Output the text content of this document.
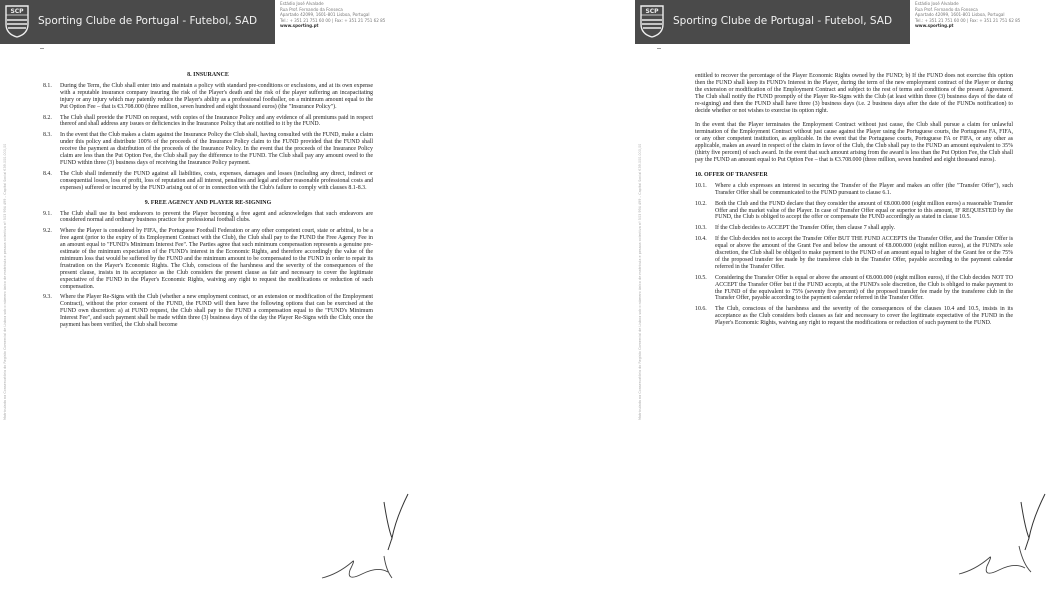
SCP
Sporting Clube de Portugal - Futebol, SAD
Estádio José Alvalade
Rua Prof. Fernando da Fonseca
Apartado 42099, 1601-801 Lisboa, Portugal
Tel.: + 351 21 751 60 00 | Fax: + 351 21 751 62 85
www.sporting.pt
Matriculada na Conservatória do Registo Comercial de Lisboa sob o número único de matrícula e pessoa colectiva nº 503 994 499 – Capital Social €39.000.000,00
8. INSURANCE
8.1.	During the Term, the Club shall enter into and maintain a policy with standard pre-conditions or exclusions, and at its own expense with a reputable insurance company insuring the risk of the Player's death and the risk of the player suffering an incapacitating injury or any injury which may patently reduce the Player's ability as a professional footballer, on a minimum amount equal to the Put Option Fee – that is €3.708.000 (three million, seven hundred and eight thousand euros) (the "Insurance Policy").
8.2.	The Club shall provide the FUND on request, with copies of the Insurance Policy and any evidence of all premiums paid in respect thereof and shall address any issues or deficiencies in the Insurance Policy that are notified to it by the FUND.
8.3.	In the event that the Club makes a claim against the Insurance Policy the Club shall, having consulted with the FUND, make a claim under this policy and distribute 100% of the proceeds of the Insurance Policy claim to the FUND provided that the FUND shall receive the payment as distribution of the proceeds of the Insurance Policy. In the event that the proceeds of the Insurance Policy claim are less than the Put Option Fee, the Club shall pay the difference to the FUND. The Club shall pay any amount owed to the FUND within three (3) business days of receiving the Insurance Policy payment.
8.4.	The Club shall indemnify the FUND against all liabilities, costs, expenses, damages and losses (including any direct, indirect or consequential losses, loss of profit, loss of reputation and all interest, penalties and legal and other reasonable professional costs and expenses) suffered or incurred by the FUND arising out of or in connection with the Club's failure to comply with clauses 8.1-8.3.
9. FREE AGENCY AND PLAYER RE-SIGNING
9.1.	The Club shall use its best endeavors to prevent the Player becoming a free agent and acknowledges that such endeavors are considered normal and ordinary business practice for professional football clubs.
9.2.	Where the Player is considered by FIFA, the Portuguese Football Federation or any other competent court, state or arbitral, to be a free agent (prior to the expiry of its Employment Contract with the Club), the Club shall pay to the FUND the Free Agency Fee in an amount equal to "FUND's Minimum Interest Fee". The Parties agree that such minimum compensation represents a genuine pre-estimate of the minimum expectation of the FUND's interest in the Economic Rights, and therefore accordingly the value of the minimum loss that would be suffered by the FUND and the minimum amount to be compensated to the FUND in order to repair its frustration on the Player's Economic Rights. The Club, conscious of the harshness and the severity of the consequences of the present clause, insists in its acceptance as the Club considers the present clause as fair and necessary to cover the legitimate expectative of the FUND in the Player's Economic Rights, waiving any right to request the modifications or reduction of such compensation.
9.3.	Where the Player Re-Signs with the Club (whether a new employment contract, or an extension or modification of the Employment Contract), without the prior consent of the FUND, the FUND will then have the following options that can be exercised at the FUND own discretion: a) at FUND request, the Club shall pay to the FUND a compensation equal to the "FUND's Minimum Interest Fee", and such payment shall be made within three (3) business days of the day the Player Re-Signs with the Club; once the payment has been verified, the Club shall become
SCP
Sporting Clube de Portugal - Futebol, SAD
Estádio José Alvalade
Rua Prof. Fernando da Fonseca
Apartado 42099, 1601-801 Lisboa, Portugal
Tel.: + 351 21 751 60 00 | Fax: + 351 21 751 62 85
www.sporting.pt
Matriculada na Conservatória do Registo Comercial de Lisboa sob o número único de matrícula e pessoa colectiva nº 503 994 499 – Capital Social €39.000.000,00
entitled to recover the percentage of the Player Economic Rights owned by the FUND; b) If the FUND does not exercise this option then the FUND shall keep its FUND's Interest in the Player, during the term of the new employment contract of the Player or during the extension or modification of the Employment Contract and subject to the rest of terms and conditions of the present Agreement. The Club shall notify the FUND promptly of the Player Re-Signs with the Club (at least within three (3) business days of the date of re-signing) and then the FUND shall have three (3) business days (i.e. 2 business days after the date of the FUNDs notification) to decide whether or not wishes to exercise its option right.
In the event that the Player terminates the Employment Contract without just cause, the Club shall pursue a claim for unlawful termination of the Employment Contract without just cause against the Player using the Portuguese courts, the Portuguese FA, FIFA, or any other competent institution, as applicable. In the event that the Portuguese courts, Portuguese FA or FIFA, or any other as applicable, makes an award in respect of the claim in favor of the Club, the Club shall pay to the FUND an amount equivalent to 35% (thirty five percent) of such award. In the event that such amount arising from the award is less than the Put Option Fee, the Club shall pay the FUND an amount equal to Put Option Fee – that is €3.708.000 (three million, seven hundred and eight thousand euros).
10. OFFER OF TRANSFER
10.1.	Where a club expresses an interest in securing the Transfer of the Player and makes an offer (the "Transfer Offer"), such Transfer Offer shall be communicated to the FUND pursuant to clause 6.1.
10.2.	Both the Club and the FUND declare that they consider the amount of €8.000.000 (eight million euros) a reasonable Transfer Offer and the market value of the Player. In case of Transfer Offer equal or superior to this amount, IF REQUESTED by the FUND, the Club is obliged to accept the offer or compensate the FUND accordingly as stated in clause 10.5.
10.3.	If the Club decides to ACCEPT the Transfer Offer, then clause 7 shall apply.
10.4.	If the Club decides not to accept the Transfer Offer BUT THE FUND ACCEPTS the Transfer Offer, and the Transfer Offer is equal or above the amount of the Grant Fee and below the amount of €8.000.000 (eight million euros), at the FUND's sole discretion, the Club shall be obliged to make payment to the FUND of an amount equal to higher of the Grant fee or the 75% of the proposed transfer fee made by the transferee club in the Transfer Offer, payable according to the payment calendar referred in the Transfer Offer.
10.5.	Considering the Transfer Offer is equal or above the amount of €8.000.000 (eight million euros), if the Club decides NOT TO ACCEPT the Transfer Offer but if the FUND accepts, at the FUND's sole discretion, the Club is obliged to make payment to the FUND of the equivalent to 75% (seventy five percent) of the proposed transfer fee made by the transferee club in the Transfer Offer, payable according to the payment calendar referred in the Transfer Offer.
10.6.	The Club, conscious of the harshness and the severity of the consequences of the clauses 10.4 and 10.5, insists in its acceptance as the Club considers both clauses as fair and necessary to cover the legitimate expectative of the FUND in the Player's Economic Rights, waiving any right to request the modifications or reduction of such payment to the FUND.
